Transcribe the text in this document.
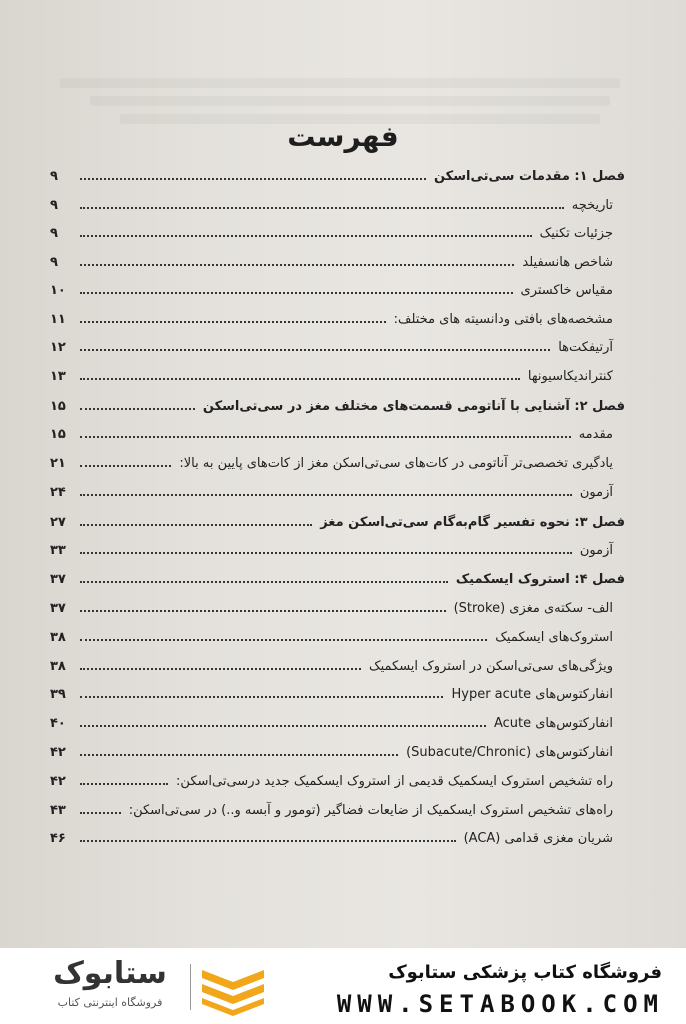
فهرست
فصل ۱: مقدمات سی‌تی‌اسکن
۹
تاریخچه
۹
جزئیات تکنیک
۹
شاخص هانسفیلد
۹
مقیاس خاکستری
۱۰
مشخصه‌های بافتی ودانسیته های مختلف:
۱۱
آرتیفکت‌ها
۱۲
کنترانديکاسیونها
۱۳
فصل ۲: آشنایی با آناتومی قسمت‌های مختلف مغز در سی‌تی‌اسکن
۱۵
مقدمه
۱۵
یادگیری تخصصی‌تر آناتومی در کات‌های سی‌تی‌اسکن مغز از کات‌های پایین به بالا:
۲۱
آزمون
۲۴
فصل ۳: نحوه تفسیر گام‌به‌گام سی‌تی‌اسکن مغز
۲۷
آزمون
۳۳
فصل ۴: استروک ایسکمیک
۳۷
الف- سکته‌ی مغزی (Stroke)
۳۷
استروک‌های ایسکمیک
۳۸
ویژگی‌های سی‌تی‌اسکن در استروک ایسکمیک
۳۸
انفارکتوس‌های Hyper acute
۳۹
انفارکتوس‌های Acute
۴۰
انفارکتوس‌های (Subacute/Chronic)
۴۲
راه تشخیص استروک ایسکمیک قدیمی از استروک ایسکمیک جدید درسی‌تی‌اسکن:
۴۲
راه‌های تشخیص استروک ایسکمیک از ضایعات فضاگیر (تومور و آبسه و..) در سی‌تی‌اسکن:
۴۳
شریان مغزی قدامی (ACA)
۴۶
ستابوک
فروشگاه اینترنتی کتاب
فروشگاه کتاب پزشکی ستابوک
WWW.SETABOOK.COM
